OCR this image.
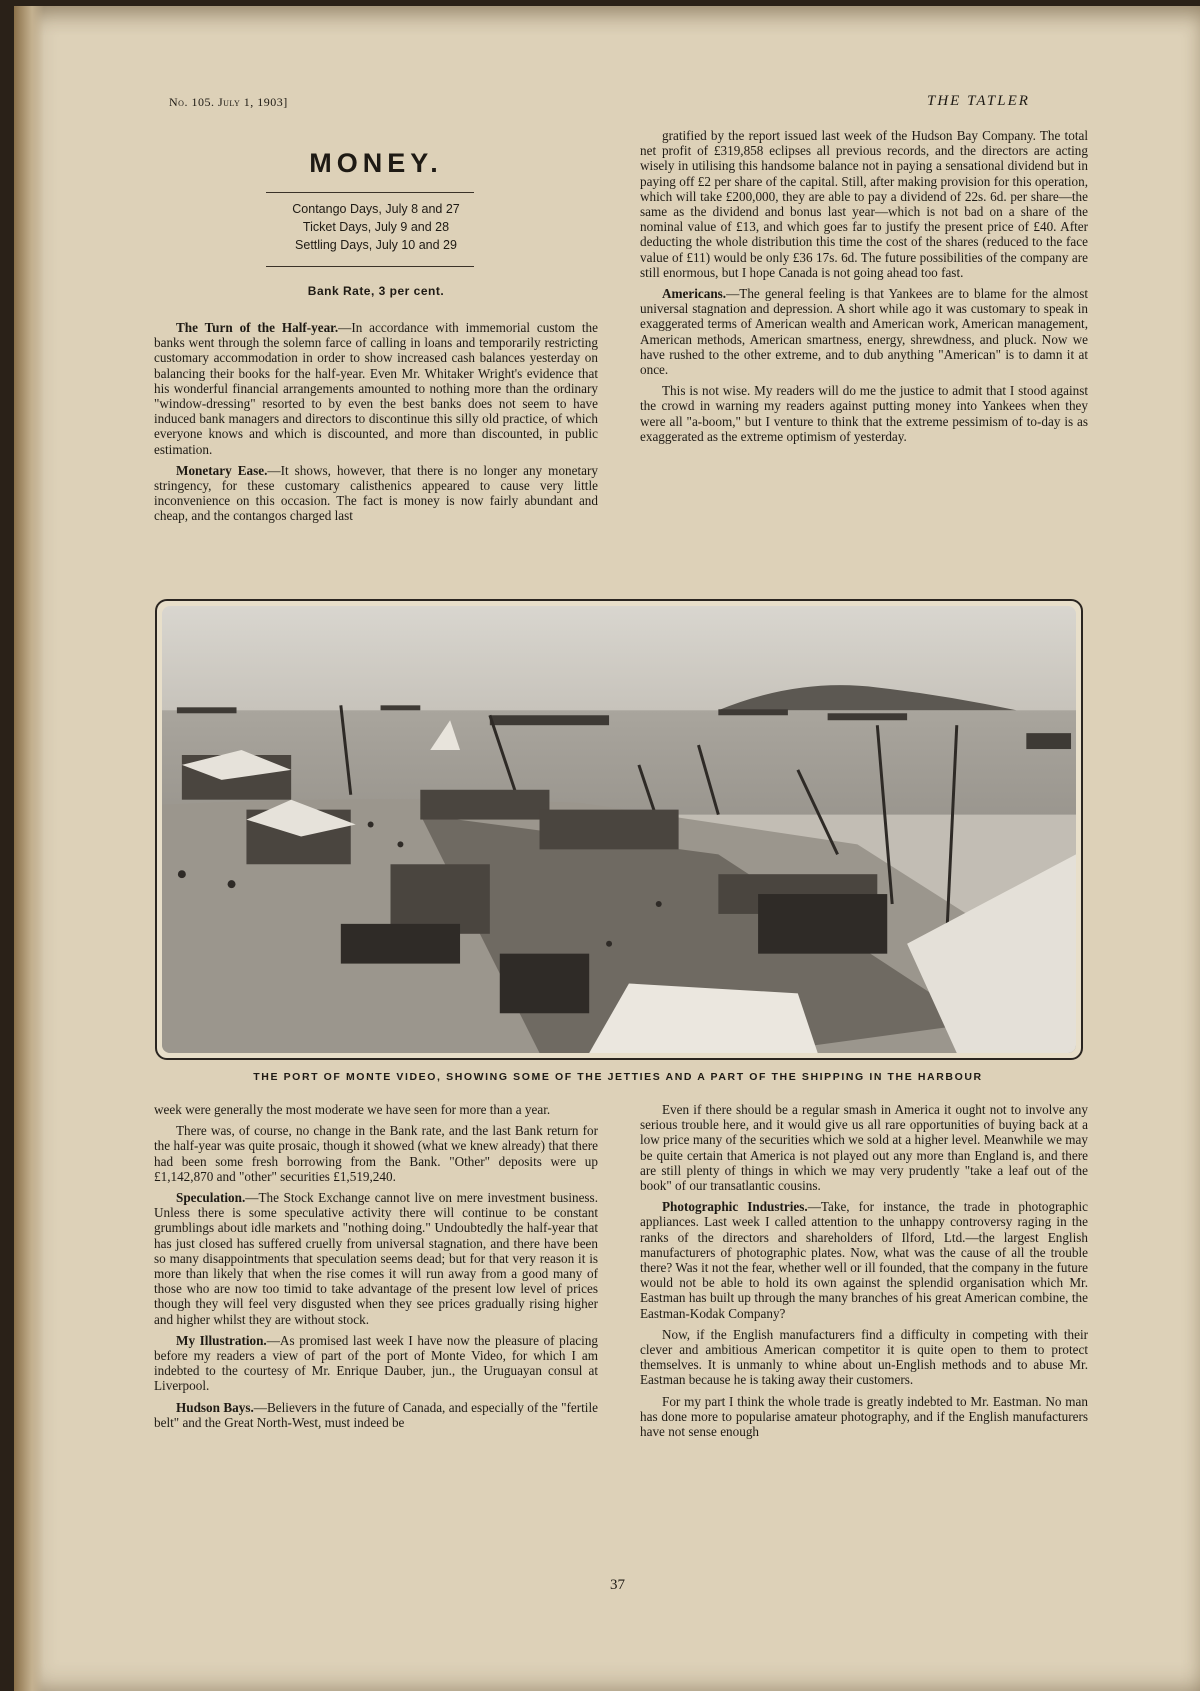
No. 105. July 1, 1903]	THE TATLER
MONEY.
Contango Days, July 8 and 27
Ticket Days, July 9 and 28
Settling Days, July 10 and 29
Bank Rate, 3 per cent.

The Turn of the Half-year.—In accordance with immemorial custom the banks went through the solemn farce of calling in loans and temporarily restricting customary accommodation in order to show increased cash balances yesterday on balancing their books for the half-year. Even Mr. Whitaker Wright's evidence that his wonderful financial arrangements amounted to nothing more than the ordinary "window-dressing" resorted to by even the best banks does not seem to have induced bank managers and directors to discontinue this silly old practice, of which everyone knows and which is discounted, and more than discounted, in public estimation.

Monetary Ease.—It shows, however, that there is no longer any monetary stringency, for these customary calisthenics appeared to cause very little inconvenience on this occasion. The fact is money is now fairly abundant and cheap, and the contangos charged last

gratified by the report issued last week of the Hudson Bay Company. The total net profit of £319,858 eclipses all previous records, and the directors are acting wisely in utilising this handsome balance not in paying a sensational dividend but in paying off £2 per share of the capital. Still, after making provision for this operation, which will take £200,000, they are able to pay a dividend of 22s. 6d. per share—the same as the dividend and bonus last year—which is not bad on a share of the nominal value of £13, and which goes far to justify the present price of £40. After deducting the whole distribution this time the cost of the shares (reduced to the face value of £11) would be only £36 17s. 6d. The future possibilities of the company are still enormous, but I hope Canada is not going ahead too fast.

Americans.—The general feeling is that Yankees are to blame for the almost universal stagnation and depression. A short while ago it was customary to speak in exaggerated terms of American wealth and American work, American management, American methods, American smartness, energy, shrewdness, and pluck. Now we have rushed to the other extreme, and to dub anything "American" is to damn it at once.

This is not wise. My readers will do me the justice to admit that I stood against the crowd in warning my readers against putting money into Yankees when they were all "a-boom," but I venture to think that the extreme pessimism of to-day is as exaggerated as the extreme optimism of yesterday.

THE PORT OF MONTE VIDEO, SHOWING SOME OF THE JETTIES AND A PART OF THE SHIPPING IN THE HARBOUR

week were generally the most moderate we have seen for more than a year.

There was, of course, no change in the Bank rate, and the last Bank return for the half-year was quite prosaic, though it showed (what we knew already) that there had been some fresh borrowing from the Bank. "Other" deposits were up £1,142,870 and "other" securities £1,519,240.

Speculation.—The Stock Exchange cannot live on mere investment business. Unless there is some speculative activity there will continue to be constant grumblings about idle markets and "nothing doing." Undoubtedly the half-year that has just closed has suffered cruelly from universal stagnation, and there have been so many disappointments that speculation seems dead; but for that very reason it is more than likely that when the rise comes it will run away from a good many of those who are now too timid to take advantage of the present low level of prices though they will feel very disgusted when they see prices gradually rising higher and higher whilst they are without stock.

My Illustration.—As promised last week I have now the pleasure of placing before my readers a view of part of the port of Monte Video, for which I am indebted to the courtesy of Mr. Enrique Dauber, jun., the Uruguayan consul at Liverpool.

Hudson Bays.—Believers in the future of Canada, and especially of the "fertile belt" and the Great North-West, must indeed be

Even if there should be a regular smash in America it ought not to involve any serious trouble here, and it would give us all rare opportunities of buying back at a low price many of the securities which we sold at a higher level. Meanwhile we may be quite certain that America is not played out any more than England is, and there are still plenty of things in which we may very prudently "take a leaf out of the book" of our transatlantic cousins.

Photographic Industries.—Take, for instance, the trade in photographic appliances. Last week I called attention to the unhappy controversy raging in the ranks of the directors and shareholders of Ilford, Ltd.—the largest English manufacturers of photographic plates. Now, what was the cause of all the trouble there? Was it not the fear, whether well or ill founded, that the company in the future would not be able to hold its own against the splendid organisation which Mr. Eastman has built up through the many branches of his great American combine, the Eastman-Kodak Company?

Now, if the English manufacturers find a difficulty in competing with their clever and ambitious American competitor it is quite open to them to protect themselves. It is unmanly to whine about un-English methods and to abuse Mr. Eastman because he is taking away their customers.

For my part I think the whole trade is greatly indebted to Mr. Eastman. No man has done more to popularise amateur photography, and if the English manufacturers have not sense enough

37
